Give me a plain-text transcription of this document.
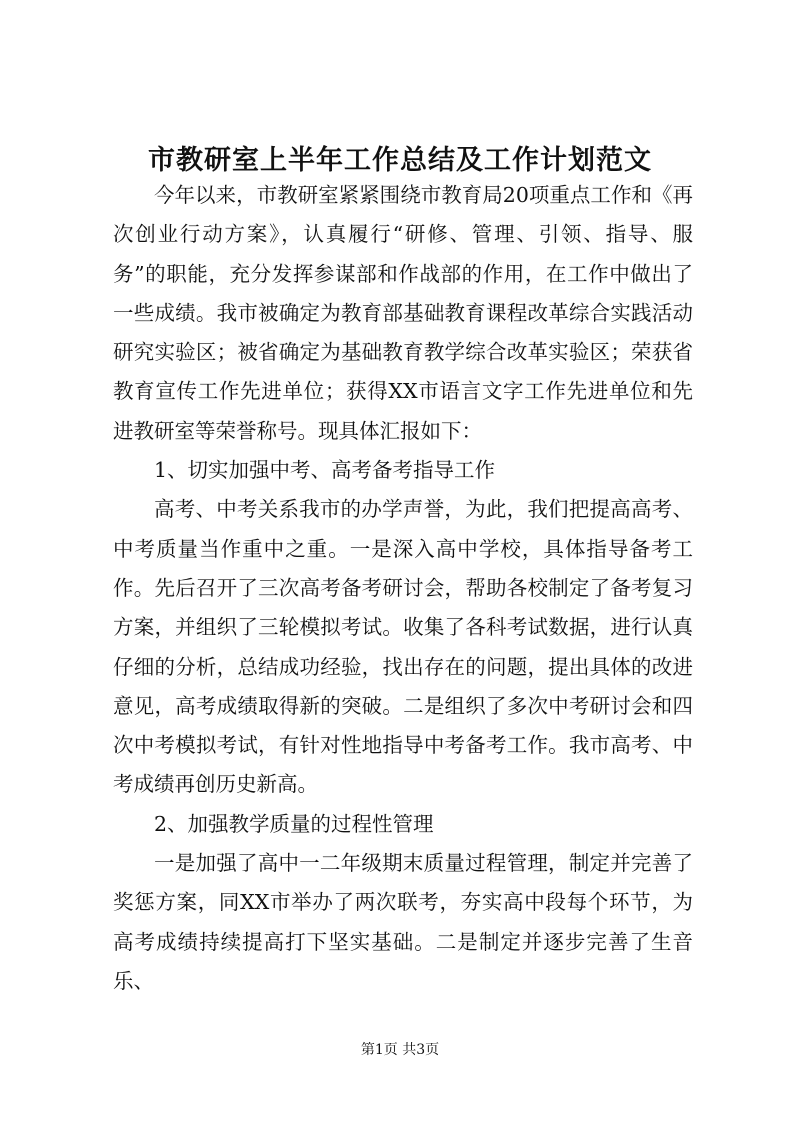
市教研室上半年工作总结及工作计划范文

今年以来，市教研室紧紧围绕市教育局20项重点工作和《再次创业行动方案》，认真履行“研修、管理、引领、指导、服务”的职能，充分发挥参谋部和作战部的作用，在工作中做出了一些成绩。我市被确定为教育部基础教育课程改革综合实践活动研究实验区；被省确定为基础教育教学综合改革实验区；荣获省教育宣传工作先进单位；获得XX市语言文字工作先进单位和先进教研室等荣誉称号。现具体汇报如下：

1、切实加强中考、高考备考指导工作

高考、中考关系我市的办学声誉，为此，我们把提高高考、中考质量当作重中之重。一是深入高中学校，具体指导备考工作。先后召开了三次高考备考研讨会，帮助各校制定了备考复习方案，并组织了三轮模拟考试。收集了各科考试数据，进行认真仔细的分析，总结成功经验，找出存在的问题，提出具体的改进意见，高考成绩取得新的突破。二是组织了多次中考研讨会和四次中考模拟考试，有针对性地指导中考备考工作。我市高考、中考成绩再创历史新高。

2、加强教学质量的过程性管理

一是加强了高中一二年级期末质量过程管理，制定并完善了奖惩方案，同XX市举办了两次联考，夯实高中段每个环节，为高考成绩持续提高打下坚实基础。二是制定并逐步完善了生音乐、

第1页 共3页
